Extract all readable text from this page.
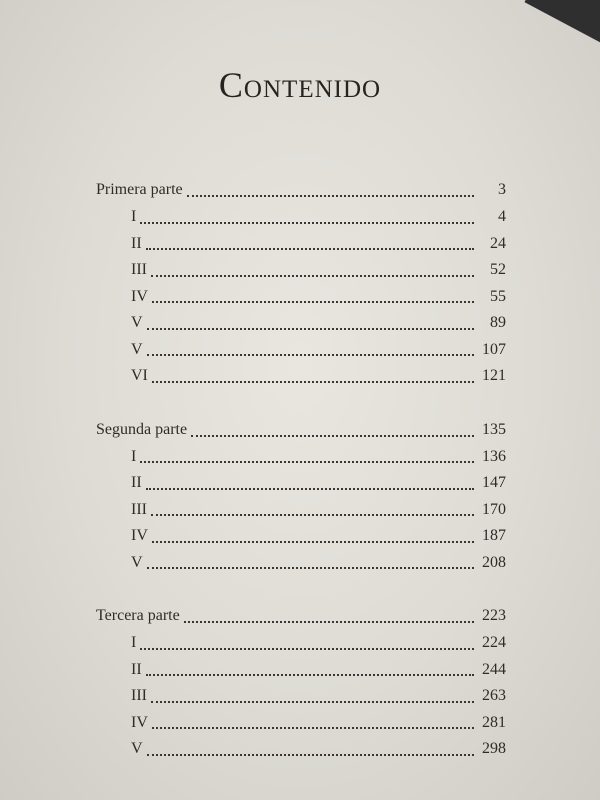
Contenido
Primera parte	3
I	4
II	24
III	52
IV	55
V	89
V	107
VI	121
Segunda parte	135
I	136
II	147
III	170
IV	187
V	208
Tercera parte	223
I	224
II	244
III	263
IV	281
V	298
